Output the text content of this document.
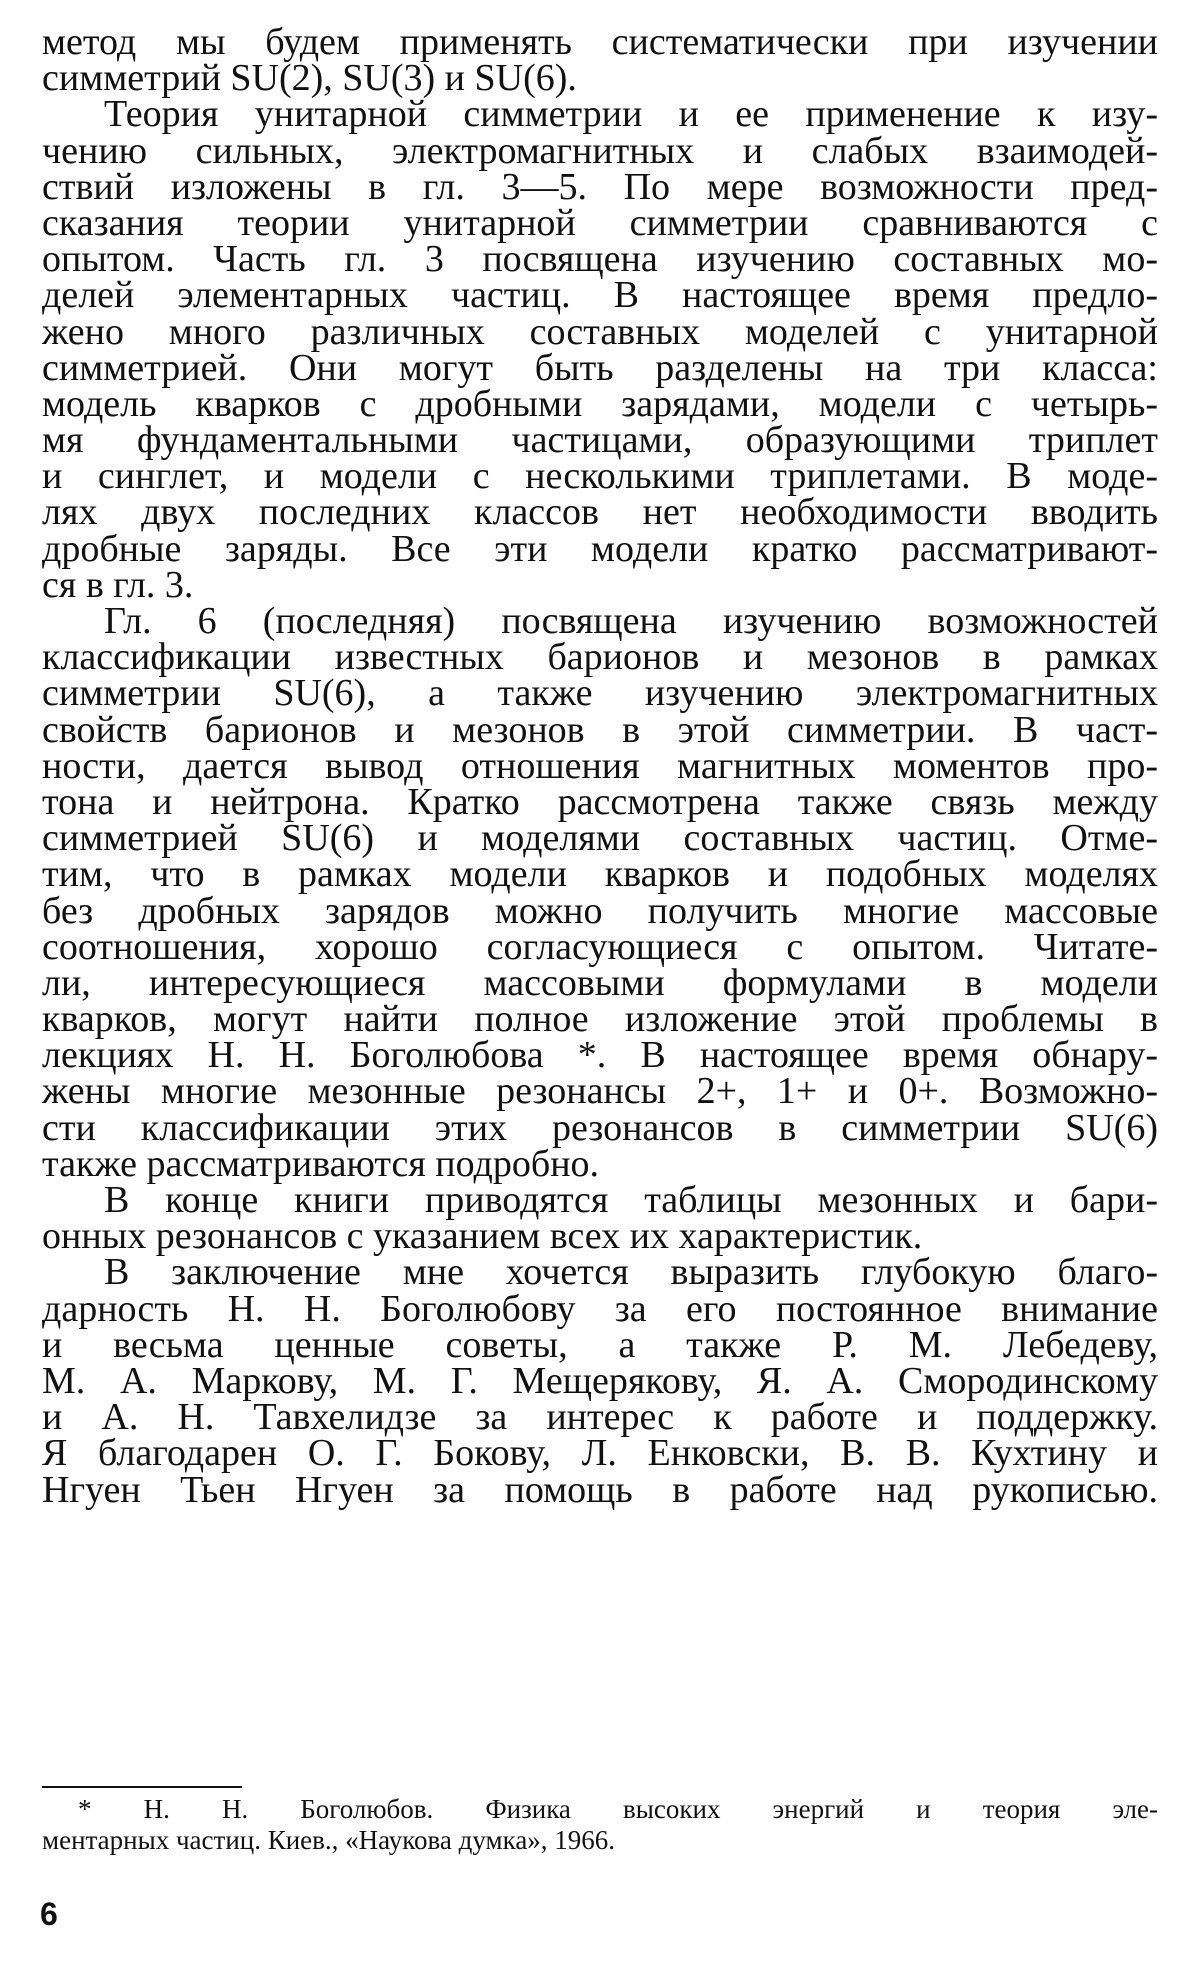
метод мы будем применять систематически при изучении
симметрий SU(2), SU(3) и SU(6).
Теория унитарной симметрии и ее применение к изу-
чению сильных, электромагнитных и слабых взаимодей-
ствий изложены в гл. 3—5. По мере возможности пред-
сказания теории унитарной симметрии сравниваются с
опытом. Часть гл. 3 посвящена изучению составных мо-
делей элементарных частиц. В настоящее время предло-
жено много различных составных моделей с унитарной
симметрией. Они могут быть разделены на три класса:
модель кварков с дробными зарядами, модели с четырь-
мя фундаментальными частицами, образующими триплет
и синглет, и модели с несколькими триплетами. В моде-
лях двух последних классов нет необходимости вводить
дробные заряды. Все эти модели кратко рассматривают-
ся в гл. 3.
Гл. 6 (последняя) посвящена изучению возможностей
классификации известных барионов и мезонов в рамках
симметрии SU(6), а также изучению электромагнитных
свойств барионов и мезонов в этой симметрии. В част-
ности, дается вывод отношения магнитных моментов про-
тона и нейтрона. Кратко рассмотрена также связь между
симметрией SU(6) и моделями составных частиц. Отме-
тим, что в рамках модели кварков и подобных моделях
без дробных зарядов можно получить многие массовые
соотношения, хорошо согласующиеся с опытом. Читате-
ли, интересующиеся массовыми формулами в модели
кварков, могут найти полное изложение этой проблемы в
лекциях Н. Н. Боголюбова *. В настоящее время обнару-
жены многие мезонные резонансы 2+, 1+ и 0+. Возможно-
сти классификации этих резонансов в симметрии SU(6)
также рассматриваются подробно.
В конце книги приводятся таблицы мезонных и бари-
онных резонансов с указанием всех их характеристик.
В заключение мне хочется выразить глубокую благо-
дарность Н. Н. Боголюбову за его постоянное внимание
и весьма ценные советы, а также Р. М. Лебедеву,
М. А. Маркову, М. Г. Мещерякову, Я. А. Смородинскому
и А. Н. Тавхелидзе за интерес к работе и поддержку.
Я благодарен О. Г. Бокову, Л. Енковски, В. В. Кухтину и
Нгуен Тьен Нгуен за помощь в работе над рукописью.
* Н. Н. Боголюбов. Физика высоких энергий и теория эле-
ментарных частиц. Киев., «Наукова думка», 1966.
6
